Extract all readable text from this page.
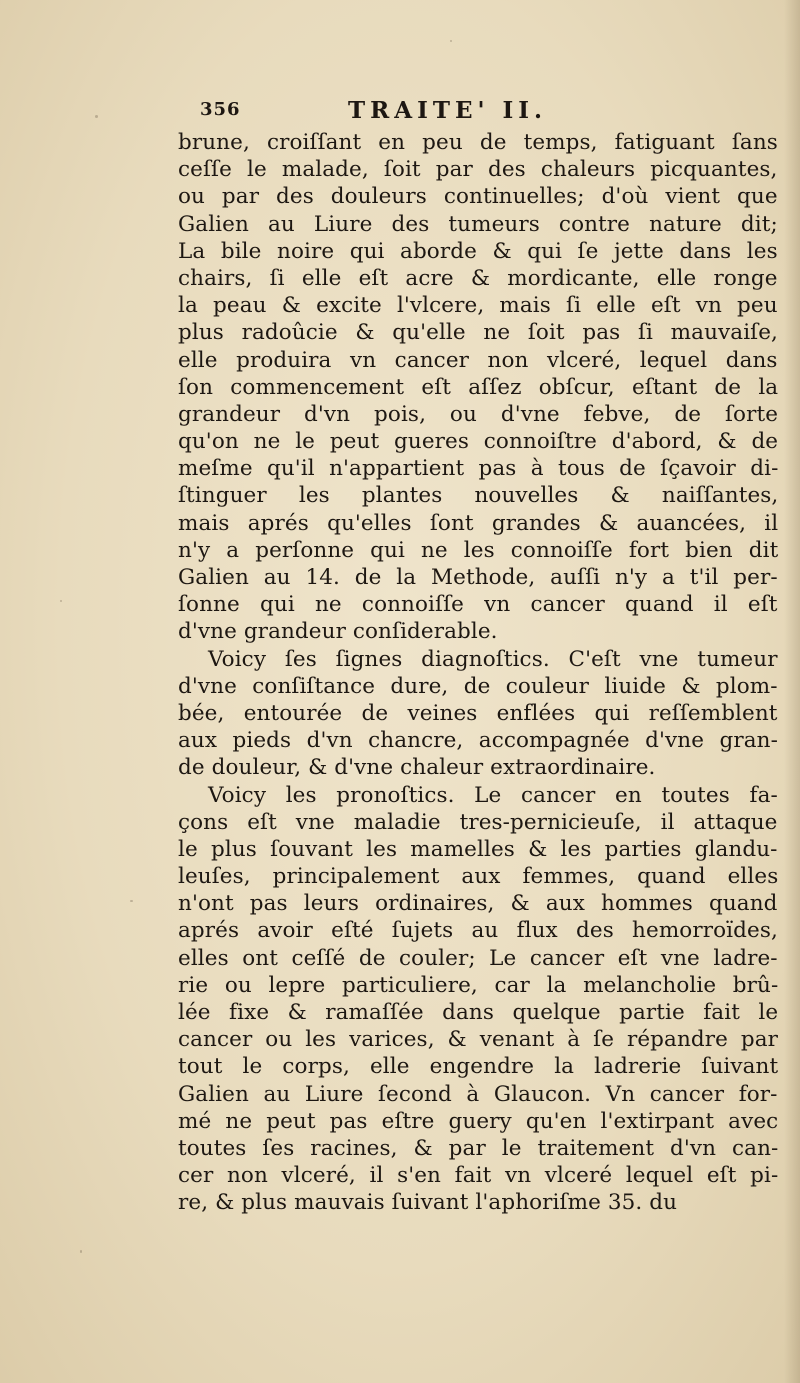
356	TRAITE' II.
brune, croiſſant en peu de temps, fatiguant ſans
ceſſe le malade, ſoit par des chaleurs picquantes,
ou par des douleurs continuelles; d'où vient que
Galien au Liure des tumeurs contre nature dit;
La bile noire qui aborde & qui ſe jette dans les
chairs, ſi elle eſt acre & mordicante, elle ronge
la peau & excite l'vlcere, mais ſi elle eſt vn peu
plus radoûcie & qu'elle ne ſoit pas ſi mauvaiſe,
elle produira vn cancer non vlceré, lequel dans
ſon commencement eſt aſſez obſcur, eſtant de la
grandeur d'vn pois, ou d'vne febve, de ſorte
qu'on ne le peut gueres connoiſtre d'abord, & de
meſme qu'il n'appartient pas à tous de ſçavoir di-
ſtinguer les plantes nouvelles & naiſſantes,
mais aprés qu'elles ſont grandes & auancées, il
n'y a perſonne qui ne les connoiſſe fort bien dit
Galien au 14. de la Methode, auſſi n'y a t'il per-
ſonne qui ne connoiſſe vn cancer quand il eſt
d'vne grandeur conſiderable.
Voicy ſes ſignes diagnoſtics. C'eſt vne tumeur
d'vne conſiſtance dure, de couleur liuide & plom-
bée, entourée de veines enflées qui reſſemblent
aux pieds d'vn chancre, accompagnée d'vne gran-
de douleur, & d'vne chaleur extraordinaire.
Voicy les pronoſtics. Le cancer en toutes fa-
çons eſt vne maladie tres-pernicieuſe, il attaque
le plus ſouvant les mamelles & les parties glandu-
leuſes, principalement aux femmes, quand elles
n'ont pas leurs ordinaires, & aux hommes quand
aprés avoir eſté ſujets au flux des hemorroïdes,
elles ont ceſſé de couler; Le cancer eſt vne ladre-
rie ou lepre particuliere, car la melancholie brû-
lée fixe & ramaſſée dans quelque partie fait le
cancer ou les varices, & venant à ſe répandre par
tout le corps, elle engendre la ladrerie ſuivant
Galien au Liure ſecond à Glaucon. Vn cancer for-
mé ne peut pas eſtre guery qu'en l'extirpant avec
toutes ſes racines, & par le traitement d'vn can-
cer non vlceré, il s'en fait vn vlceré lequel eſt pi-
re, & plus mauvais ſuivant l'aphoriſme 35. du
